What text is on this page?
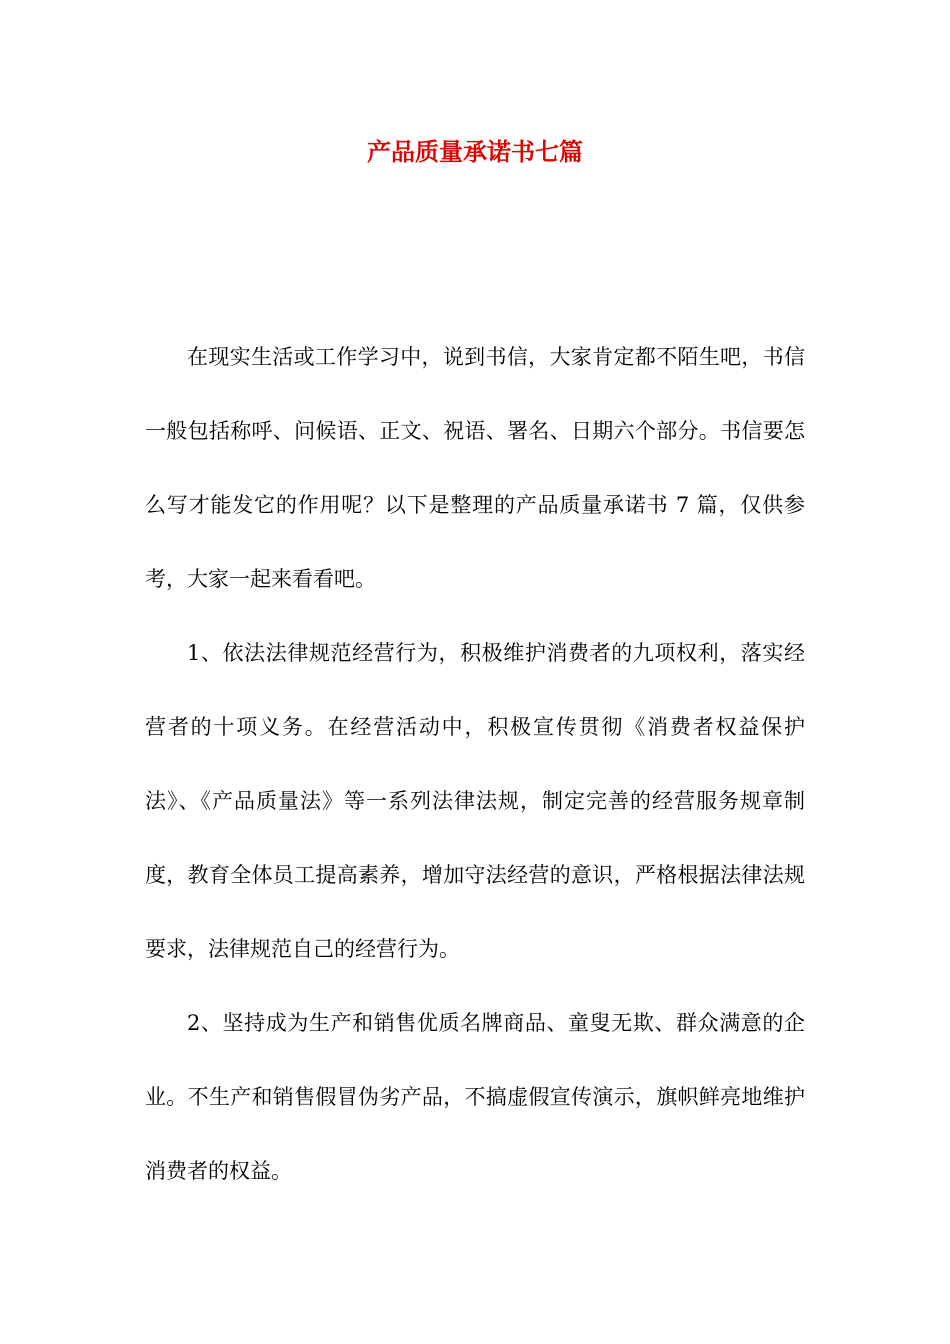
产品质量承诺书七篇

在现实生活或工作学习中，说到书信，大家肯定都不陌生吧，书信一般包括称呼、问候语、正文、祝语、署名、日期六个部分。书信要怎么写才能发它的作用呢？以下是整理的产品质量承诺书 7 篇，仅供参考，大家一起来看看吧。

1、依法法律规范经营行为，积极维护消费者的九项权利，落实经营者的十项义务。在经营活动中，积极宣传贯彻《消费者权益保护法》、《产品质量法》等一系列法律法规，制定完善的经营服务规章制度，教育全体员工提高素养，增加守法经营的意识，严格根据法律法规要求，法律规范自己的经营行为。

2、坚持成为生产和销售优质名牌商品、童叟无欺、群众满意的企业。不生产和销售假冒伪劣产品，不搞虚假宣传演示，旗帜鲜亮地维护消费者的权益。
